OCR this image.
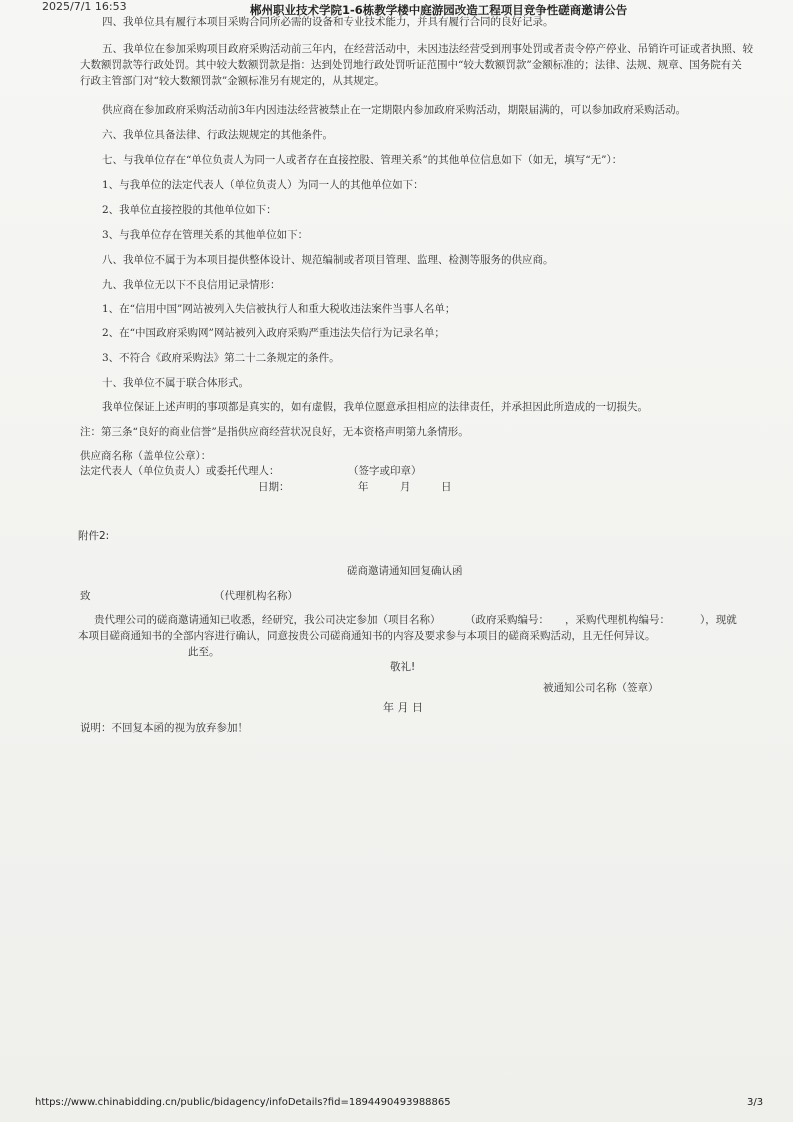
2025/7/1 16:53	郴州职业技术学院1-6栋教学楼中庭游园改造工程项目竞争性磋商邀请公告
四、我单位具有履行本项目采购合同所必需的设备和专业技术能力，并具有履行合同的良好记录。
五、我单位在参加采购项目政府采购活动前三年内，在经营活动中，未因违法经营受到刑事处罚或者责令停产停业、吊销许可证或者执照、较
大数额罚款等行政处罚。其中较大数额罚款是指：达到处罚地行政处罚听证范围中“较大数额罚款”金额标准的；法律、法规、规章、国务院有关
行政主管部门对“较大数额罚款”金额标准另有规定的，从其规定。
供应商在参加政府采购活动前3年内因违法经营被禁止在一定期限内参加政府采购活动，期限届满的，可以参加政府采购活动。
六、我单位具备法律、行政法规规定的其他条件。
七、与我单位存在“单位负责人为同一人或者存在直接控股、管理关系”的其他单位信息如下（如无，填写“无”）：
1、与我单位的法定代表人（单位负责人）为同一人的其他单位如下：
2、我单位直接控股的其他单位如下：
3、与我单位存在管理关系的其他单位如下：
八、我单位不属于为本项目提供整体设计、规范编制或者项目管理、监理、检测等服务的供应商。
九、我单位无以下不良信用记录情形：
1、在“信用中国”网站被列入失信被执行人和重大税收违法案件当事人名单；
2、在“中国政府采购网”网站被列入政府采购严重违法失信行为记录名单；
3、不符合《政府采购法》第二十二条规定的条件。
十、我单位不属于联合体形式。
我单位保证上述声明的事项都是真实的，如有虚假，我单位愿意承担相应的法律责任，并承担因此所造成的一切损失。
注：第三条“良好的商业信誉”是指供应商经营状况良好，无本资格声明第九条情形。
供应商名称（盖单位公章）：
法定代表人（单位负责人）或委托代理人：	（签字或印章）
日期：	年	月	日
附件2:
磋商邀请通知回复确认函
致	（代理机构名称）
贵代理公司的磋商邀请通知已收悉，经研究，我公司决定参加（项目名称） （政府采购编号： ，采购代理机构编号：	），现就
本项目磋商通知书的全部内容进行确认，同意按贵公司磋商通知书的内容及要求参与本项目的磋商采购活动，且无任何异议。
此至。
敬礼!
被通知公司名称（签章）
年 月 日
说明：不回复本函的视为放弃参加！
https://www.chinabidding.cn/public/bidagency/infoDetails?fid=1894490493988865	3/3
